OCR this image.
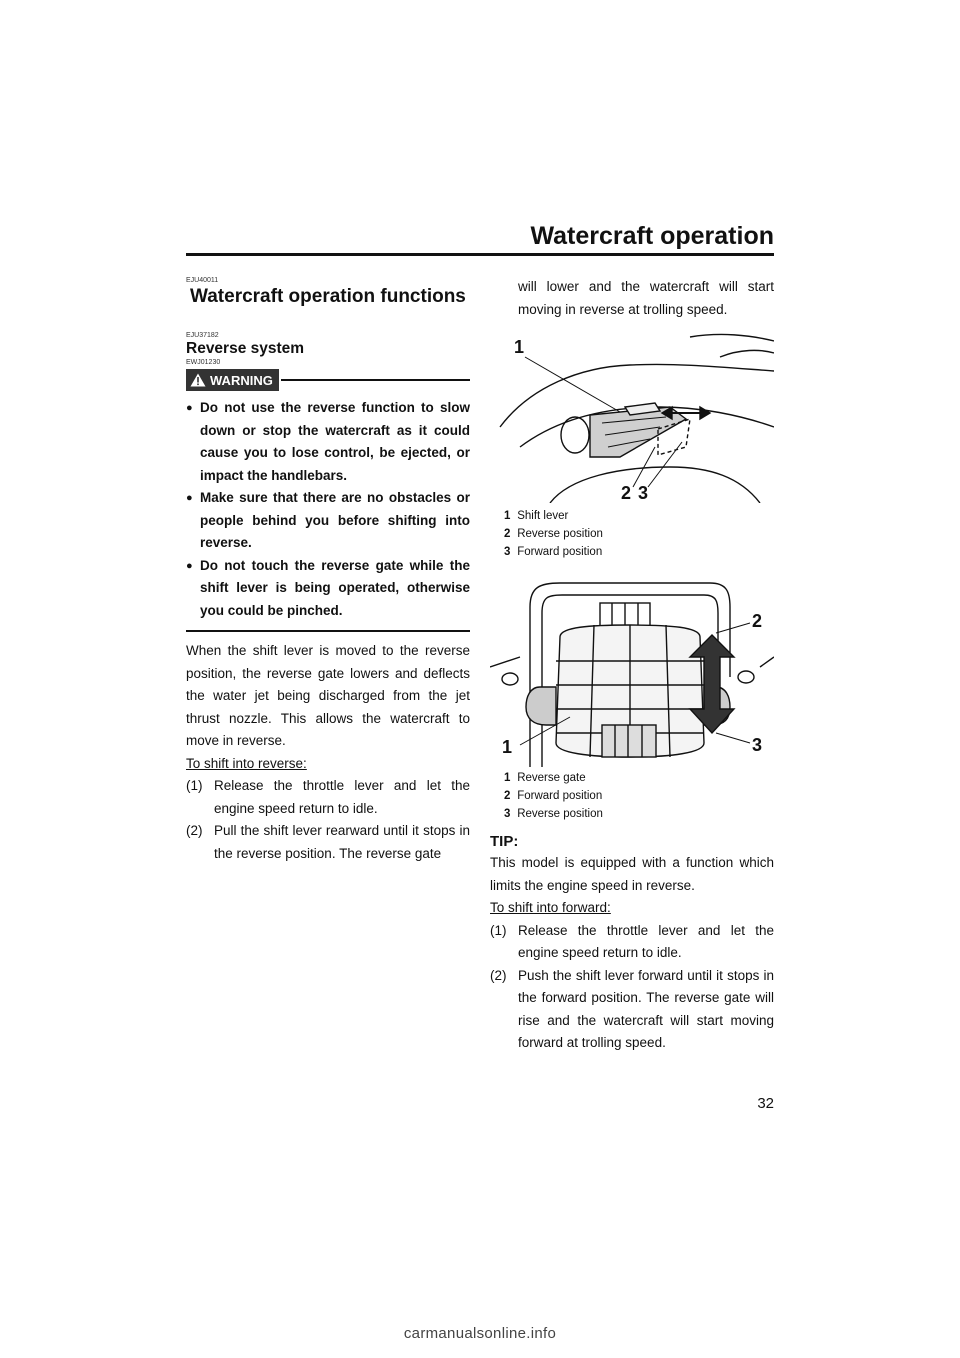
Watercraft operation

EJU40011

Watercraft operation functions

EJU37182

Reverse system

EWJ01230

WARNING
● Do not use the reverse function to slow down or stop the watercraft as it could cause you to lose control, be ejected, or impact the handlebars.
● Make sure that there are no obstacles or people behind you before shifting into reverse.
● Do not touch the reverse gate while the shift lever is being operated, otherwise you could be pinched.

When the shift lever is moved to the reverse position, the reverse gate lowers and deflects the water jet being discharged from the jet thrust nozzle. This allows the watercraft to move in reverse.

To shift into reverse:

(1) Release the throttle lever and let the engine speed return to idle.
(2) Pull the shift lever rearward until it stops in the reverse position. The reverse gate

will lower and the watercraft will start moving in reverse at trolling speed.

1
2 3

1 Shift lever

2 Reverse position

3 Forward position

1
2
3

1 Reverse gate

2 Forward position

3 Reverse position

TIP:

This model is equipped with a function which limits the engine speed in reverse.

To shift into forward:

(1) Release the throttle lever and let the engine speed return to idle.
(2) Push the shift lever forward until it stops in the forward position. The reverse gate will rise and the watercraft will start moving forward at trolling speed.
32
carmanualsonline.info
